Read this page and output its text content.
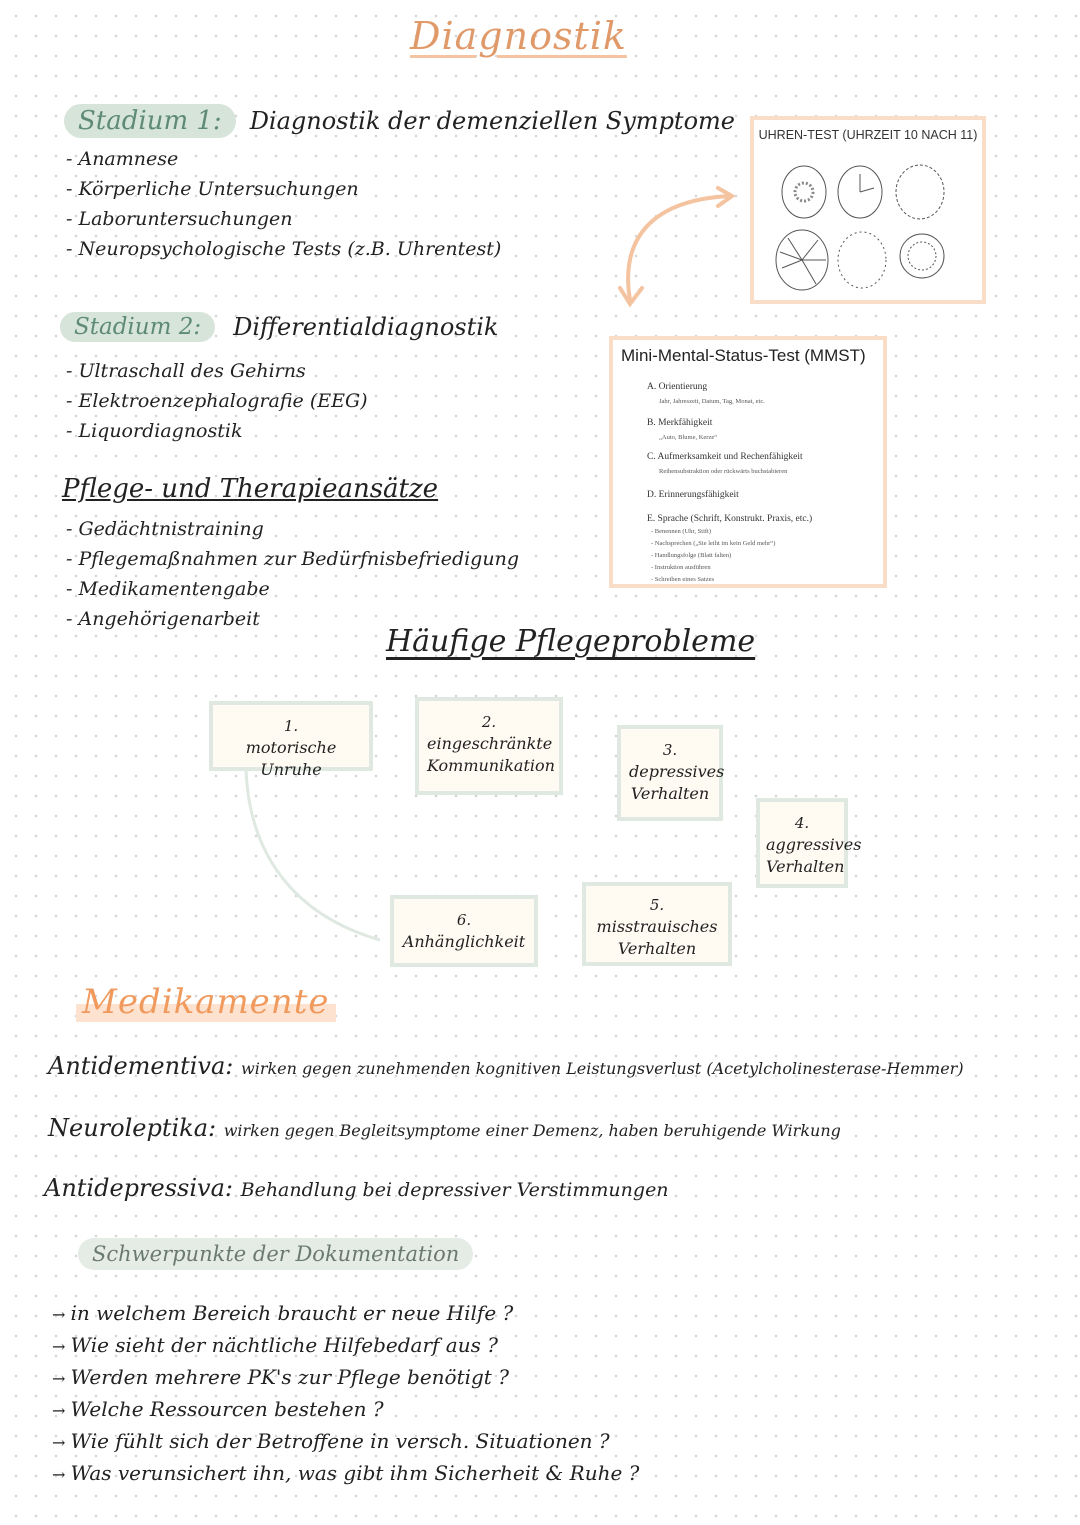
Diagnostik
Stadium 1:	Diagnostik der demenziellen Symptome
- Anamnese
- Körperliche Untersuchungen
- Laboruntersuchungen
- Neuropsychologische Tests (z.B. Uhrentest)
UHREN-TEST (UHRZEIT 10 NACH 11)
Stadium 2:	Differentialdiagnostik
- Ultraschall des Gehirns
- Elektroenzephalografie (EEG)
- Liquordiagnostik
Mini-Mental-Status-Test (MMST)
A. Orientierung
Jahr, Jahreszeit, Datum, Tag, Monat, etc.
B. Merkfähigkeit
„Auto, Blume, Kerze“
C. Aufmerksamkeit und Rechenfähigkeit
Reihensubstraktion oder rückwärts buchstabieren
D. Erinnerungsfähigkeit
E. Sprache (Schrift, Konstrukt. Praxis, etc.)
- Benennen (Uhr, Stift)
- Nachsprechen („Sie leiht im kein Geld mehr“)
- Handlungsfolge (Blatt falten)
- Instruktion ausführen
- Schreiben eines Satzes
Pflege- und Therapieansätze
- Gedächtnistraining
- Pflegemaßnahmen zur Bedürfnisbefriedigung
- Medikamentengabe
- Angehörigenarbeit
Häufige Pflegeprobleme
1.
motorische Unruhe
2.
eingeschränkte Kommunikation
3.
depressives Verhalten
4.
aggressives Verhalten
5.
misstrauisches Verhalten
6.
Anhänglichkeit
Medikamente
Antidementiva: wirken gegen zunehmenden kognitiven Leistungsverlust (Acetylcholinesterase-Hemmer)
Neuroleptika: wirken gegen Begleitsymptome einer Demenz, haben beruhigende Wirkung
Antidepressiva: Behandlung bei depressiver Verstimmungen
Schwerpunkte der Dokumentation
→ in welchem Bereich braucht er neue Hilfe ?
→ Wie sieht der nächtliche Hilfebedarf aus ?
→ Werden mehrere PK's zur Pflege benötigt ?
→ Welche Ressourcen bestehen ?
→ Wie fühlt sich der Betroffene in versch. Situationen ?
→ Was verunsichert ihn, was gibt ihm Sicherheit & Ruhe ?
